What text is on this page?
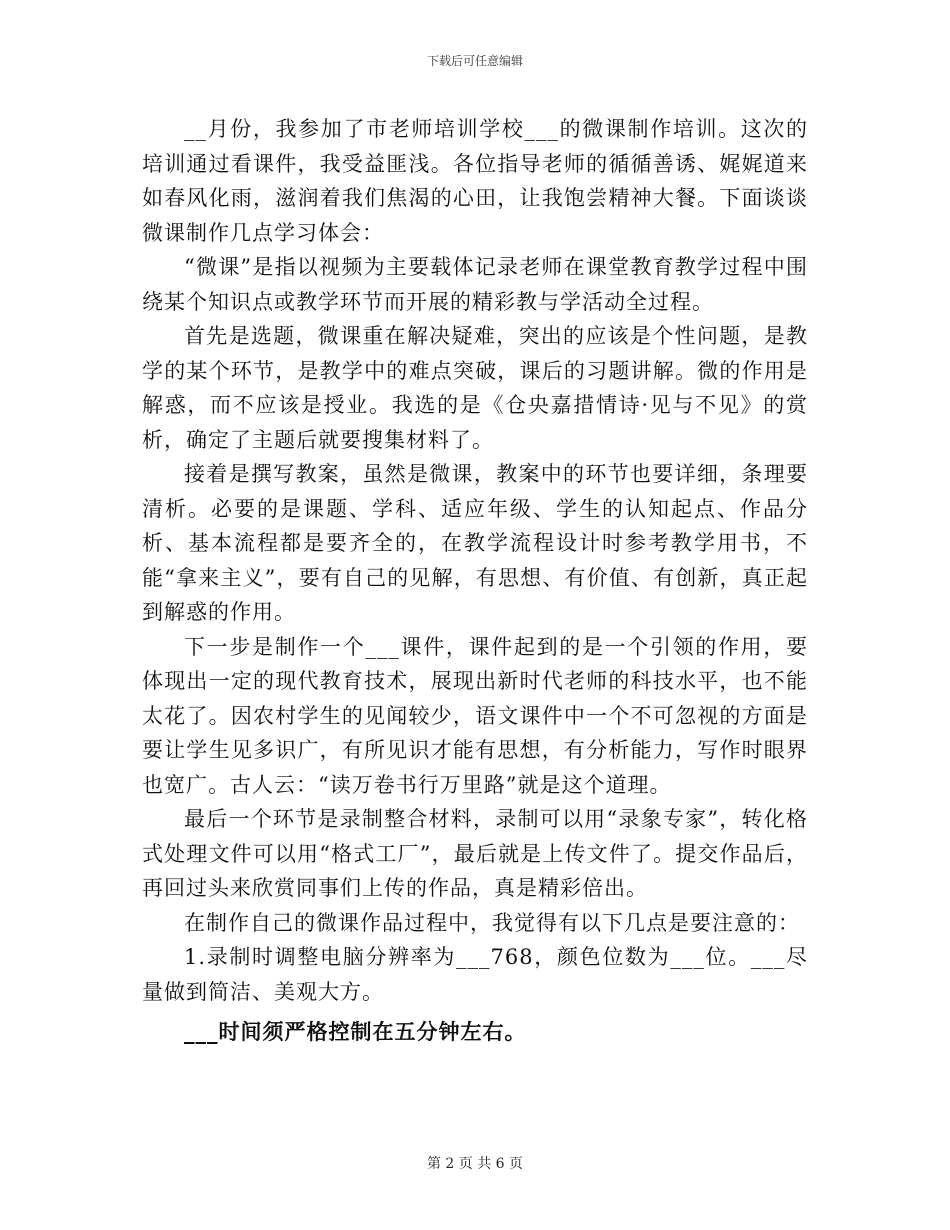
下载后可任意编辑

__月份，我参加了市老师培训学校___的微课制作培训。这次的培训通过看课件，我受益匪浅。各位指导老师的循循善诱、娓娓道来如春风化雨，滋润着我们焦渴的心田，让我饱尝精神大餐。下面谈谈微课制作几点学习体会：

“微课”是指以视频为主要载体记录老师在课堂教育教学过程中围绕某个知识点或教学环节而开展的精彩教与学活动全过程。

首先是选题，微课重在解决疑难，突出的应该是个性问题，是教学的某个环节，是教学中的难点突破，课后的习题讲解。微的作用是解惑，而不应该是授业。我选的是《仓央嘉措情诗·见与不见》的赏析，确定了主题后就要搜集材料了。

接着是撰写教案，虽然是微课，教案中的环节也要详细，条理要清析。必要的是课题、学科、适应年级、学生的认知起点、作品分析、基本流程都是要齐全的，在教学流程设计时参考教学用书，不能“拿来主义”，要有自己的见解，有思想、有价值、有创新，真正起到解惑的作用。

下一步是制作一个___课件，课件起到的是一个引领的作用，要体现出一定的现代教育技术，展现出新时代老师的科技水平，也不能太花了。因农村学生的见闻较少，语文课件中一个不可忽视的方面是要让学生见多识广，有所见识才能有思想，有分析能力，写作时眼界也宽广。古人云：“读万卷书行万里路”就是这个道理。

最后一个环节是录制整合材料，录制可以用“录象专家”，转化格式处理文件可以用“格式工厂”，最后就是上传文件了。提交作品后，再回过头来欣赏同事们上传的作品，真是精彩倍出。

在制作自己的微课作品过程中，我觉得有以下几点是要注意的：

1.录制时调整电脑分辨率为___768，颜色位数为___位。___尽量做到简洁、美观大方。

___时间须严格控制在五分钟左右。

第 2 页 共 6 页
